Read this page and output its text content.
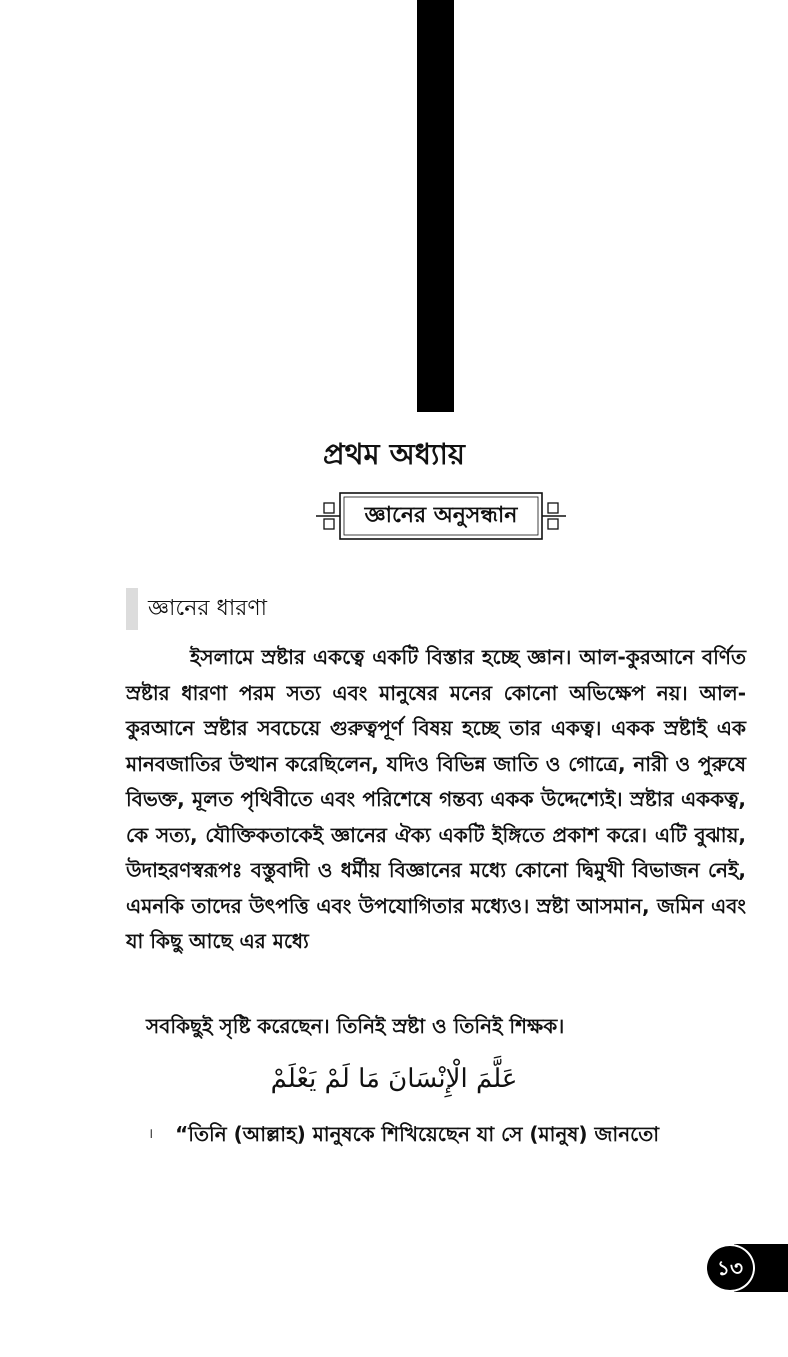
প্রথম অধ্যায়
জ্ঞানের অনুসন্ধান
জ্ঞানের ধারণা

ইসলামে স্রষ্টার একত্বে একটি বিস্তার হচ্ছে জ্ঞান। আল-কুরআনে বর্ণিত স্রষ্টার ধারণা পরম সত্য এবং মানুষের মনের কোনো অভিক্ষেপ নয়। আল-কুরআনে স্রষ্টার সবচেয়ে গুরুত্বপূর্ণ বিষয় হচ্ছে তার একত্ব। একক স্রষ্টাই এক মানবজাতির উত্থান করেছিলেন, যদিও বিভিন্ন জাতি ও গোত্রে, নারী ও পুরুষে বিভক্ত, মূলত পৃথিবীতে এবং পরিশেষে গন্তব্য একক উদ্দেশ্যেই। স্রষ্টার এককত্ব, কে সত্য, যৌক্তিকতাকেই জ্ঞানের ঐক্য একটি ইঙ্গিতে প্রকাশ করে। এটি বুঝায়, উদাহরণস্বরূপঃ বস্তুবাদী ও ধর্মীয় বিজ্ঞানের মধ্যে কোনো দ্বিমুখী বিভাজন নেই, এমনকি তাদের উৎপত্তি এবং উপযোগিতার মধ্যেও। স্রষ্টা আসমান, জমিন এবং যা কিছু আছে এর মধ্যে

সবকিছুই সৃষ্টি করেছেন। তিনিই স্রষ্টা ও তিনিই শিক্ষক।
عَلَّمَ الْإِنْسَانَ مَا لَمْ يَعْلَمْ
। “তিনি (আল্লাহ) মানুষকে শিখিয়েছেন যা সে (মানুষ) জানতো
১৩
